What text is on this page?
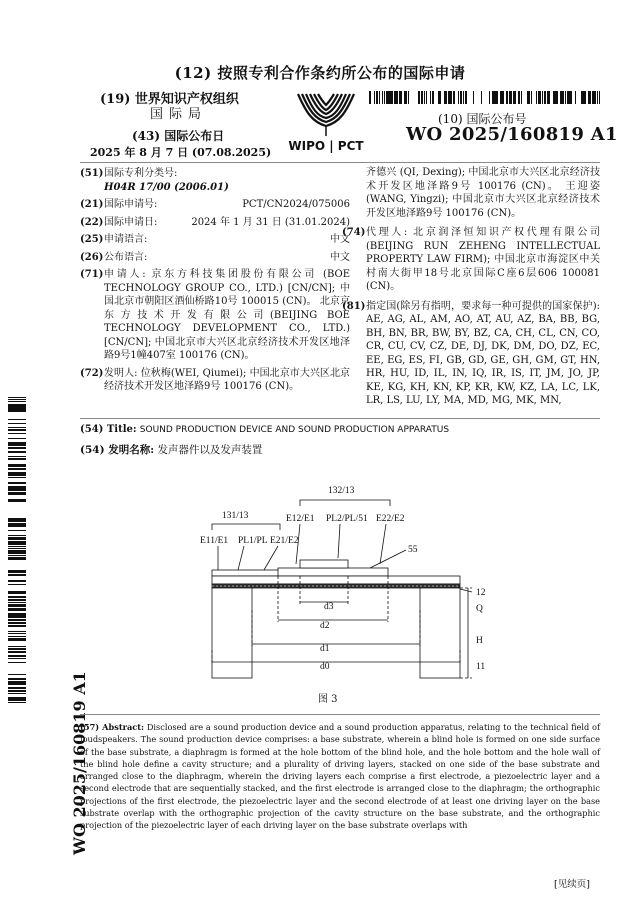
(12) 按照专利合作条约所公布的国际申请
(19) 世界知识产权组织
国际局
(43) 国际公布日
2025 年 8 月 7 日 (07.08.2025) WIPO | PCT
(10) 国际公布号
WO 2025/160819 A1
WO 2025/160819 A1
(51) 国际专利分类号:
H04R 17/00 (2006.01)
(21) 国际申请号:	PCT/CN2024/075006
(22) 国际申请日:	2024 年 1 月 31 日 (31.01.2024)
(25) 申请语言:	中文
(26) 公布语言:	中文
(71) 申请人: 京东方科技集团股份有限公司 (BOE TECHNOLOGY GROUP CO., LTD.) [CN/CN]; 中国北京市朝阳区酒仙桥路10号 100015 (CN)。 北京京东方技术开发有限公司(BEIJING BOE TECHNOLOGY DEVELOPMENT CO., LTD.) [CN/CN]; 中国北京市大兴区北京经济技术开发区地泽路9号1幢407室 100176 (CN)。
(72) 发明人: 位秋梅(WEI, Qiumei); 中国北京市大兴区北京经济技术开发区地泽路9号 100176 (CN)。
齐德兴 (QI, Dexing); 中国北京市大兴区北京经济技术开发区地泽路9号 100176 (CN)。 王迎姿 (WANG, Yingzi); 中国北京市大兴区北京经济技术开发区地泽路9号 100176 (CN)。
(74) 代理人: 北京润泽恒知识产权代理有限公司 (BEIJING RUN ZEHENG INTELLECTUAL PROPERTY LAW FIRM); 中国北京市海淀区中关村南大街甲18号北京国际C座6层606 100081 (CN)。
(81) 指定国(除另有指明，要求每一种可提供的国家保护): AE, AG, AL, AM, AO, AT, AU, AZ, BA, BB, BG, BH, BN, BR, BW, BY, BZ, CA, CH, CL, CN, CO, CR, CU, CV, CZ, DE, DJ, DK, DM, DO, DZ, EC, EE, EG, ES, FI, GB, GD, GE, GH, GM, GT, HN, HR, HU, ID, IL, IN, IQ, IR, IS, IT, JM, JO, JP, KE, KG, KH, KN, KP, KR, KW, KZ, LA, LC, LK, LR, LS, LU, LY, MA, MD, MG, MK, MN,
(54) Title: SOUND PRODUCTION DEVICE AND SOUND PRODUCTION APPARATUS
(54) 发明名称: 发声器件以及发声装置
132/13
E12/E1 PL2/PL/51 E22/E2
131/13
E11/E1 PL1/PL E21/E2
55
12
Q
H
11
d3
d2
d1
d0
图 3
(57) Abstract: Disclosed are a sound production device and a sound production apparatus, relating to the technical field of loudspeakers. The sound production device comprises: a base substrate, wherein a blind hole is formed on one side surface of the base substrate, a diaphragm is formed at the hole bottom of the blind hole, and the hole bottom and the hole wall of the blind hole define a cavity structure; and a plurality of driving layers, stacked on one side of the base substrate and arranged close to the diaphragm, wherein the driving layers each comprise a first electrode, a piezoelectric layer and a second electrode that are sequentially stacked, and the first electrode is arranged close to the diaphragm; the orthographic projections of the first electrode, the piezoelectric layer and the second electrode of at least one driving layer on the base substrate overlap with the orthographic projection of the cavity structure on the base substrate, and the orthographic projection of the piezoelectric layer of each driving layer on the base substrate overlaps with
[见续页]
